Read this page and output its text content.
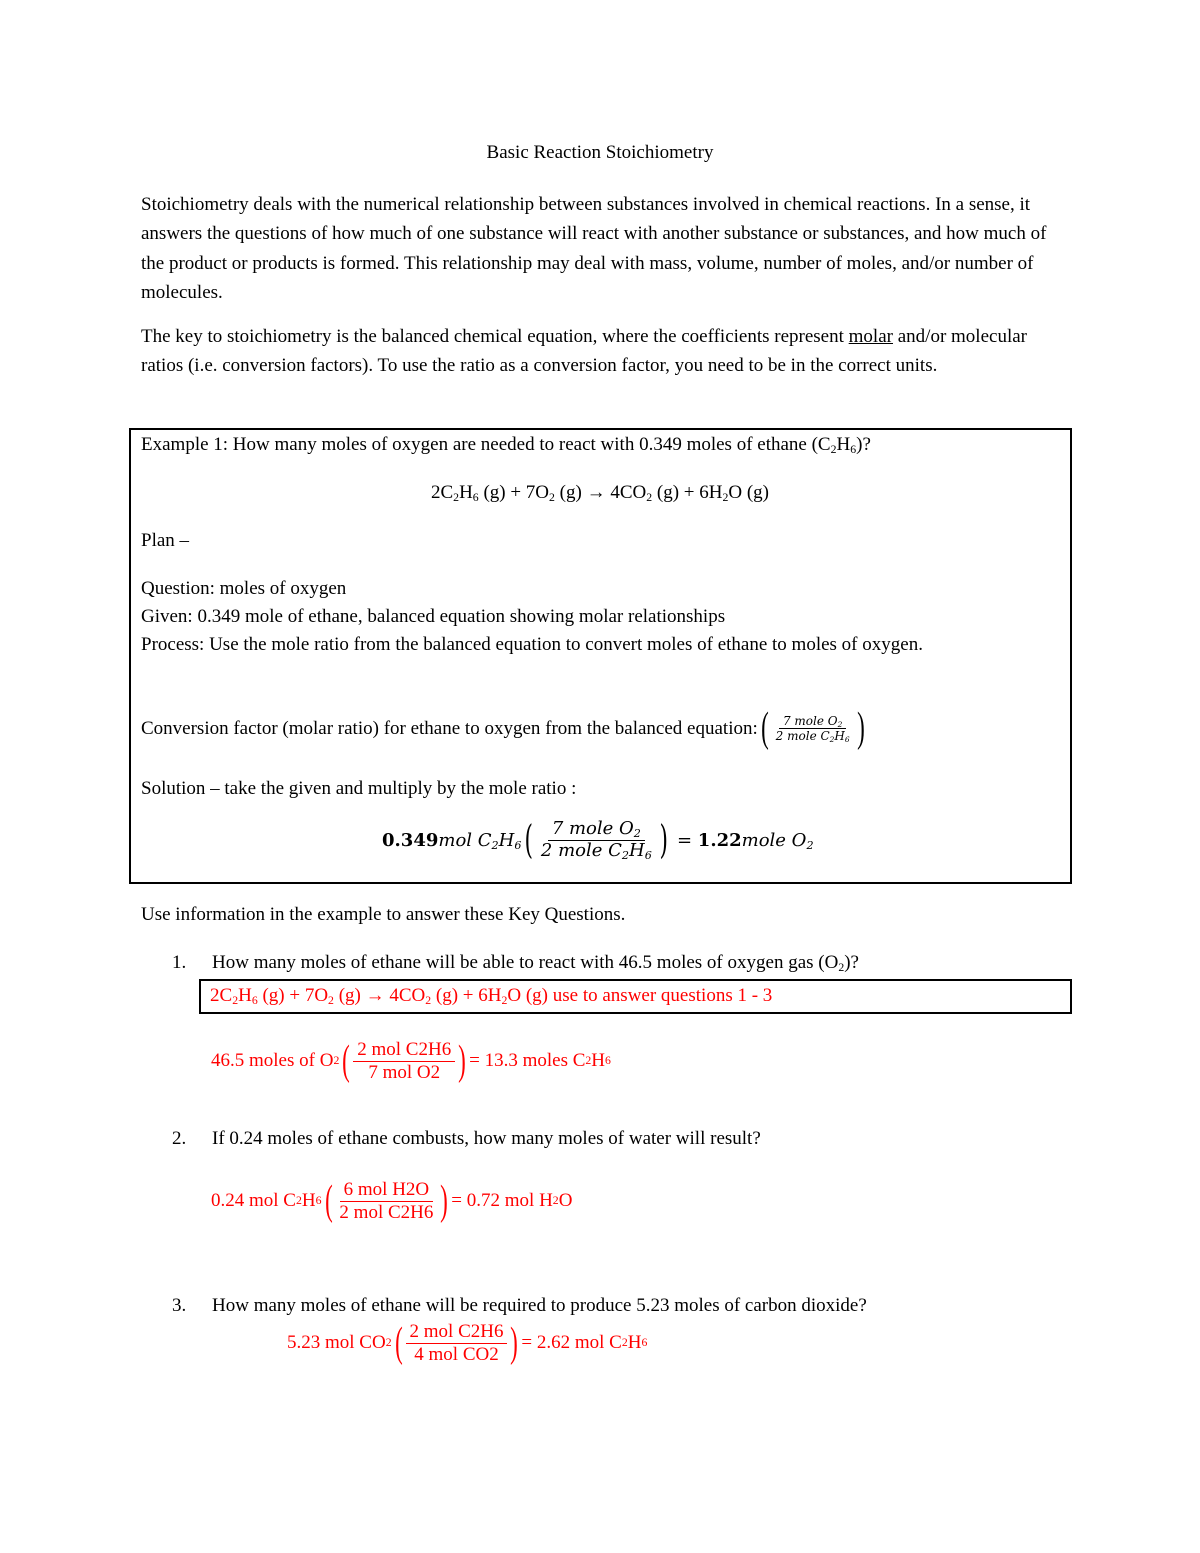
Basic Reaction Stoichiometry

Stoichiometry deals with the numerical relationship between substances involved in chemical reactions. In a sense, it answers the questions of how much of one substance will react with another substance or substances, and how much of the product or products is formed. This relationship may deal with mass, volume, number of moles, and/or number of molecules.

The key to stoichiometry is the balanced chemical equation, where the coefficients represent molar and/or molecular ratios (i.e. conversion factors). To use the ratio as a conversion factor, you need to be in the correct units.

Example 1: How many moles of oxygen are needed to react with 0.349 moles of ethane $(C_2H_6)$?
$2C_2H_6$ $(g) + 7O_2$ $(g) \to 4CO_2$ $(g) + 6H_2O$ (g)
Plan –
Question: moles of oxygen
Given: 0.349 mole of ethane, balanced equation showing molar relationships
Process: Use the mole ratio from the balanced equation to convert moles of ethane to moles of oxygen.
Conversion factor (molar ratio) for ethane to oxygen from the balanced equation: ( $\frac{7 mole O_2}{2 mole C_2H_6}$ )
Solution – take the given and multiply by the mole ratio :
0.349 mol $C_2H_6$ ( $\frac{7 mole O_2}{2 mole C_2H_6}$ ) = 1.22 mole $O_2$
Use information in the example to answer these Key Questions.
1. How many moles of ethane will be able to react with 46.5 moles of oxygen gas $(O_2)$?
$2C_2H_6$ $(g) + 7O_2$ $(g) \to 4CO_2$ $(g) + 6H_2O$ (g) use to answer questions 1 - 3
46.5 moles of O 2 ( $\frac{\text{2 mol C2H6}}{\text{7 mol O2}}$ ) = 13.3 moles C 2 H 6
2. If 0.24 moles of ethane combusts, how many moles of water will result?
0.24 mol C 2 H 6 ( $\frac{\text{6 mol H2O}}{\text{2 mol C2H6}}$ ) = 0.72 mol H 2 O
3. How many moles of ethane will be required to produce 5.23 moles of carbon dioxide?
5.23 mol CO 2 ( $\frac{\text{2 mol C2H6}}{\text{4 mol CO2}}$ ) = 2.62 mol C 2 H 6
